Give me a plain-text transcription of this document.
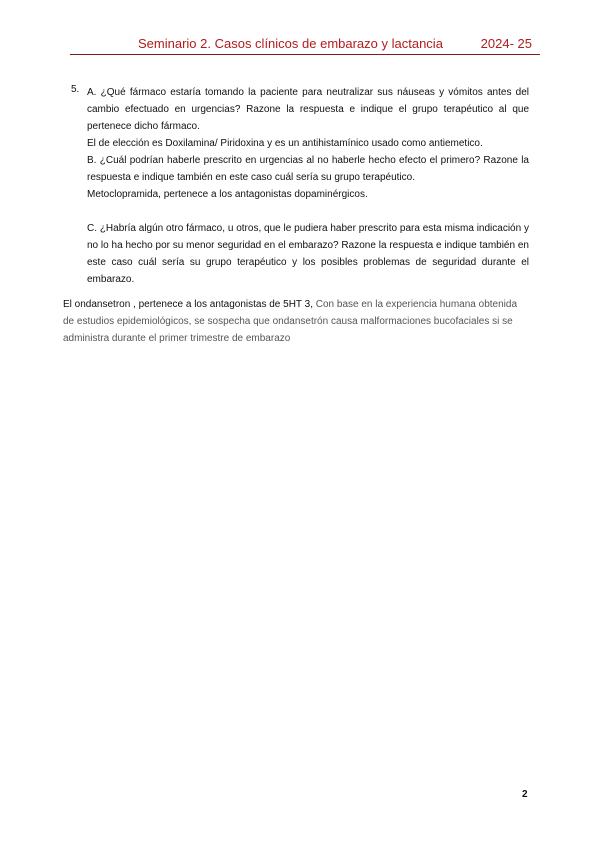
Seminario 2. Casos clínicos de embarazo y lactancia	2024- 25
5. A. ¿Qué fármaco estaría tomando la paciente para neutralizar sus náuseas y vómitos antes del cambio efectuado en urgencias? Razone la respuesta e indique el grupo terapéutico al que pertenece dicho fármaco.

El de elección es Doxilamina/ Piridoxina y es un antihistamínico usado como antiemetico.

B. ¿Cuál podrían haberle prescrito en urgencias al no haberle hecho efecto el primero? Razone la respuesta e indique también en este caso cuál sería su grupo terapéutico.

Metoclopramida, pertenece a los antagonistas dopaminérgicos.

C. ¿Habría algún otro fármaco, u otros, que le pudiera haber prescrito para esta misma indicación y no lo ha hecho por su menor seguridad en el embarazo? Razone la respuesta e indique también en este caso cuál sería su grupo terapéutico y los posibles problemas de seguridad durante el embarazo.

El ondansetron , pertenece a los antagonistas de 5HT 3, Con base en la experiencia humana obtenida de estudios epidemiológicos, se sospecha que ondansetrón causa malformaciones bucofaciales si se administra durante el primer trimestre de embarazo
2
